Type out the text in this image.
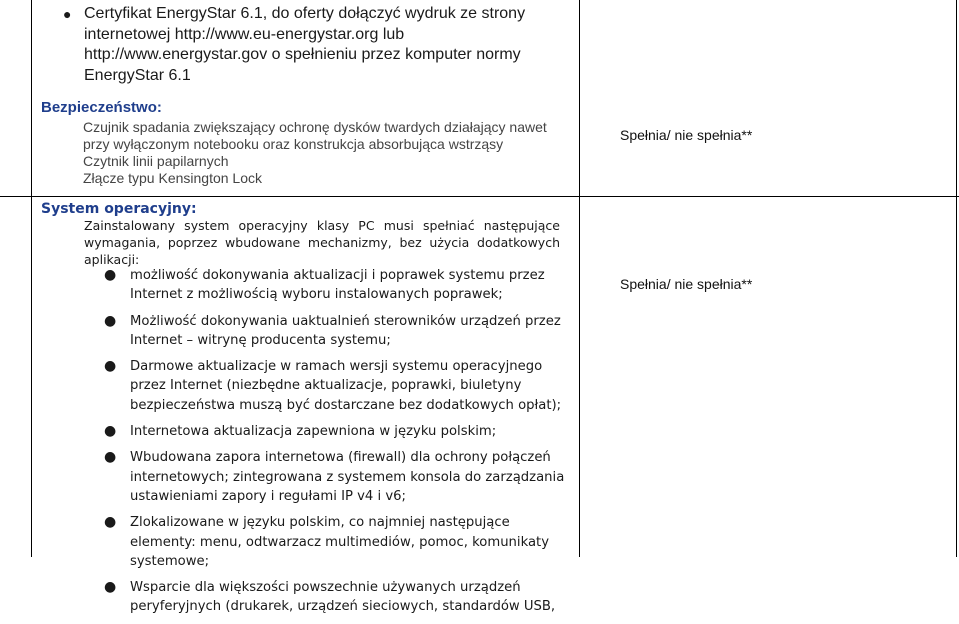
● Certyfikat EnergyStar 6.1, do oferty dołączyć wydruk ze strony
internetowej http://www.eu-energystar.org lub
http://www.energystar.gov o spełnieniu przez komputer normy
EnergyStar 6.1
Bezpieczeństwo:
Czujnik spadania zwiększający ochronę dysków twardych działający nawet
przy wyłączonym notebooku oraz konstrukcja absorbująca wstrząsy
Czytnik linii papilarnych
Złącze typu Kensington Lock
Spełnia/ nie spełnia**
System operacyjny:
Zainstalowany system operacyjny klasy PC musi spełniać następujące
wymagania, poprzez wbudowane mechanizmy, bez użycia dodatkowych
aplikacji:
Spełnia/ nie spełnia**
● możliwość dokonywania aktualizacji i poprawek systemu przez
Internet z możliwością wyboru instalowanych poprawek;
● Możliwość dokonywania uaktualnień sterowników urządzeń przez
Internet – witrynę producenta systemu;
● Darmowe aktualizacje w ramach wersji systemu operacyjnego
przez Internet (niezbędne aktualizacje, poprawki, biuletyny
bezpieczeństwa muszą być dostarczane bez dodatkowych opłat);
● Internetowa aktualizacja zapewniona w języku polskim;
● Wbudowana zapora internetowa (firewall) dla ochrony połączeń
internetowych; zintegrowana z systemem konsola do zarządzania
ustawieniami zapory i regułami IP v4 i v6;
● Zlokalizowane w języku polskim, co najmniej następujące
elementy: menu, odtwarzacz multimediów, pomoc, komunikaty
systemowe;
● Wsparcie dla większości powszechnie używanych urządzeń
peryferyjnych (drukarek, urządzeń sieciowych, standardów USB,
